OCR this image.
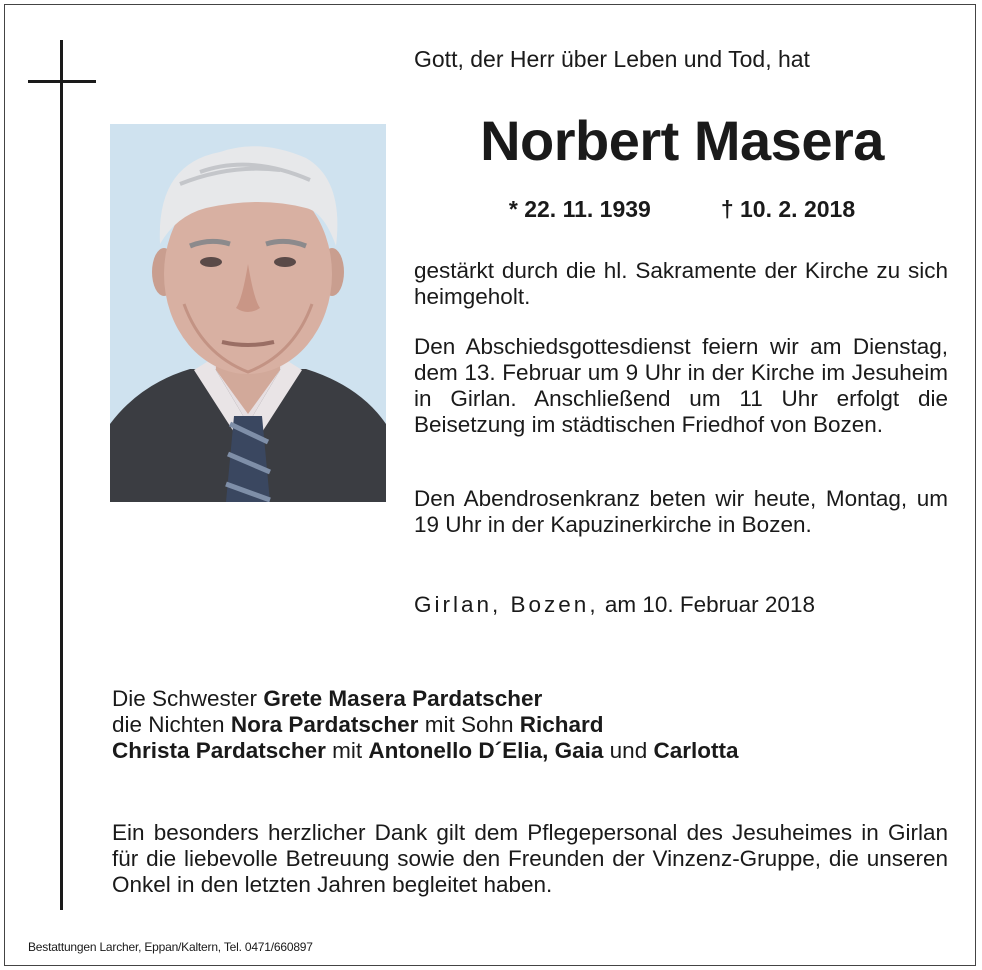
Gott, der Herr über Leben und Tod, hat
Norbert Masera
* 22. 11. 1939	† 10. 2. 2018
gestärkt durch die hl. Sakramente der Kirche zu sich heimgeholt.
Den Abschiedsgottesdienst feiern wir am Dienstag, dem 13. Februar um 9 Uhr in der Kirche im Jesuheim in Girlan. Anschließend um 11 Uhr erfolgt die Beisetzung im städtischen Friedhof von Bozen.
Den Abendrosenkranz beten wir heute, Montag, um 19 Uhr in der Kapuzinerkirche in Bozen.
Girlan, Bozen, am 10. Februar 2018
Die Schwester Grete Masera Pardatscher
die Nichten Nora Pardatscher mit Sohn Richard
Christa Pardatscher mit Antonello D´Elia, Gaia und Carlotta
Ein besonders herzlicher Dank gilt dem Pflegepersonal des Jesuheimes in Girlan für die liebevolle Betreuung sowie den Freunden der Vinzenz-Gruppe, die unseren Onkel in den letzten Jahren begleitet haben.
Bestattungen Larcher, Eppan/Kaltern, Tel. 0471/660897
